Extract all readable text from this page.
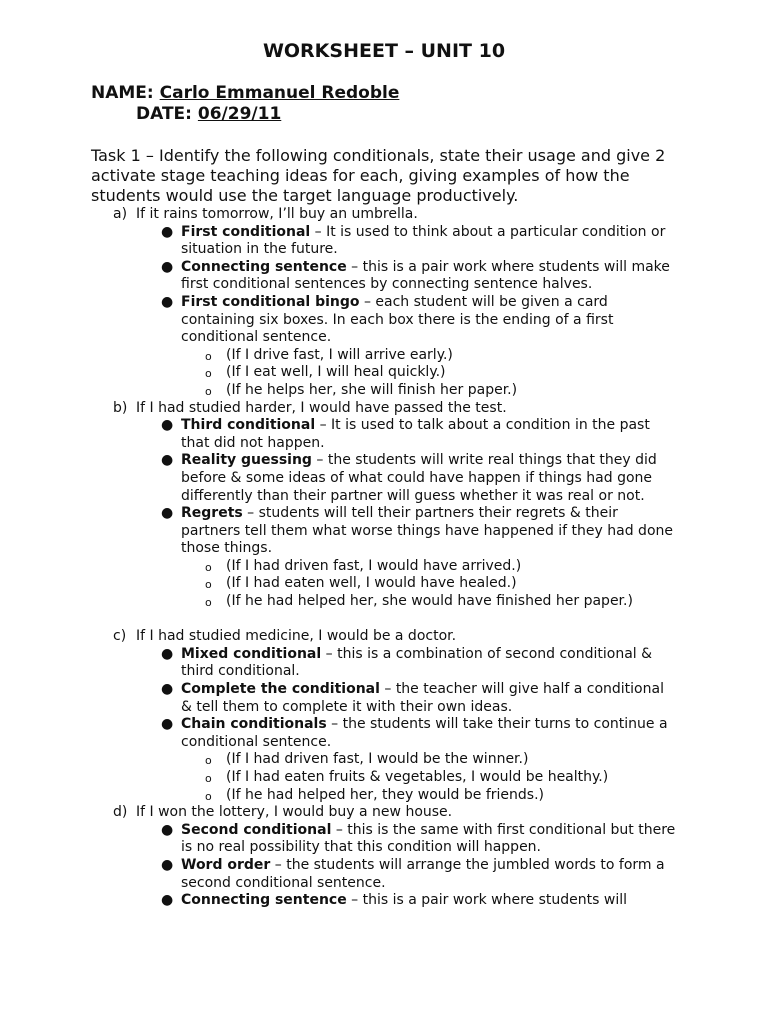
WORKSHEET – UNIT 10
NAME: Carlo Emmanuel Redoble
DATE: 06/29/11
Task 1 – Identify the following conditionals, state their usage and give 2 activate stage teaching ideas for each, giving examples of how the students would use the target language productively.
a) If it rains tomorrow, I’ll buy an umbrella.
● First conditional – It is used to think about a particular condition or situation in the future.
● Connecting sentence – this is a pair work where students will make first conditional sentences by connecting sentence halves.
● First conditional bingo – each student will be given a card containing six boxes. In each box there is the ending of a first conditional sentence.
o (If I drive fast, I will arrive early.)
o (If I eat well, I will heal quickly.)
o (If he helps her, she will finish her paper.)
b) If I had studied harder, I would have passed the test.
● Third conditional – It is used to talk about a condition in the past that did not happen.
● Reality guessing – the students will write real things that they did before & some ideas of what could have happen if things had gone differently than their partner will guess whether it was real or not.
● Regrets – students will tell their partners their regrets & their partners tell them what worse things have happened if they had done those things.
o (If I had driven fast, I would have arrived.)
o (If I had eaten well, I would have healed.)
o (If he had helped her, she would have finished her paper.)
c) If I had studied medicine, I would be a doctor.
● Mixed conditional – this is a combination of second conditional & third conditional.
● Complete the conditional – the teacher will give half a conditional & tell them to complete it with their own ideas.
● Chain conditionals – the students will take their turns to continue a conditional sentence.
o (If I had driven fast, I would be the winner.)
o (If I had eaten fruits & vegetables, I would be healthy.)
o (If he had helped her, they would be friends.)
d) If I won the lottery, I would buy a new house.
● Second conditional – this is the same with first conditional but there is no real possibility that this condition will happen.
● Word order – the students will arrange the jumbled words to form a second conditional sentence.
● Connecting sentence – this is a pair work where students will
